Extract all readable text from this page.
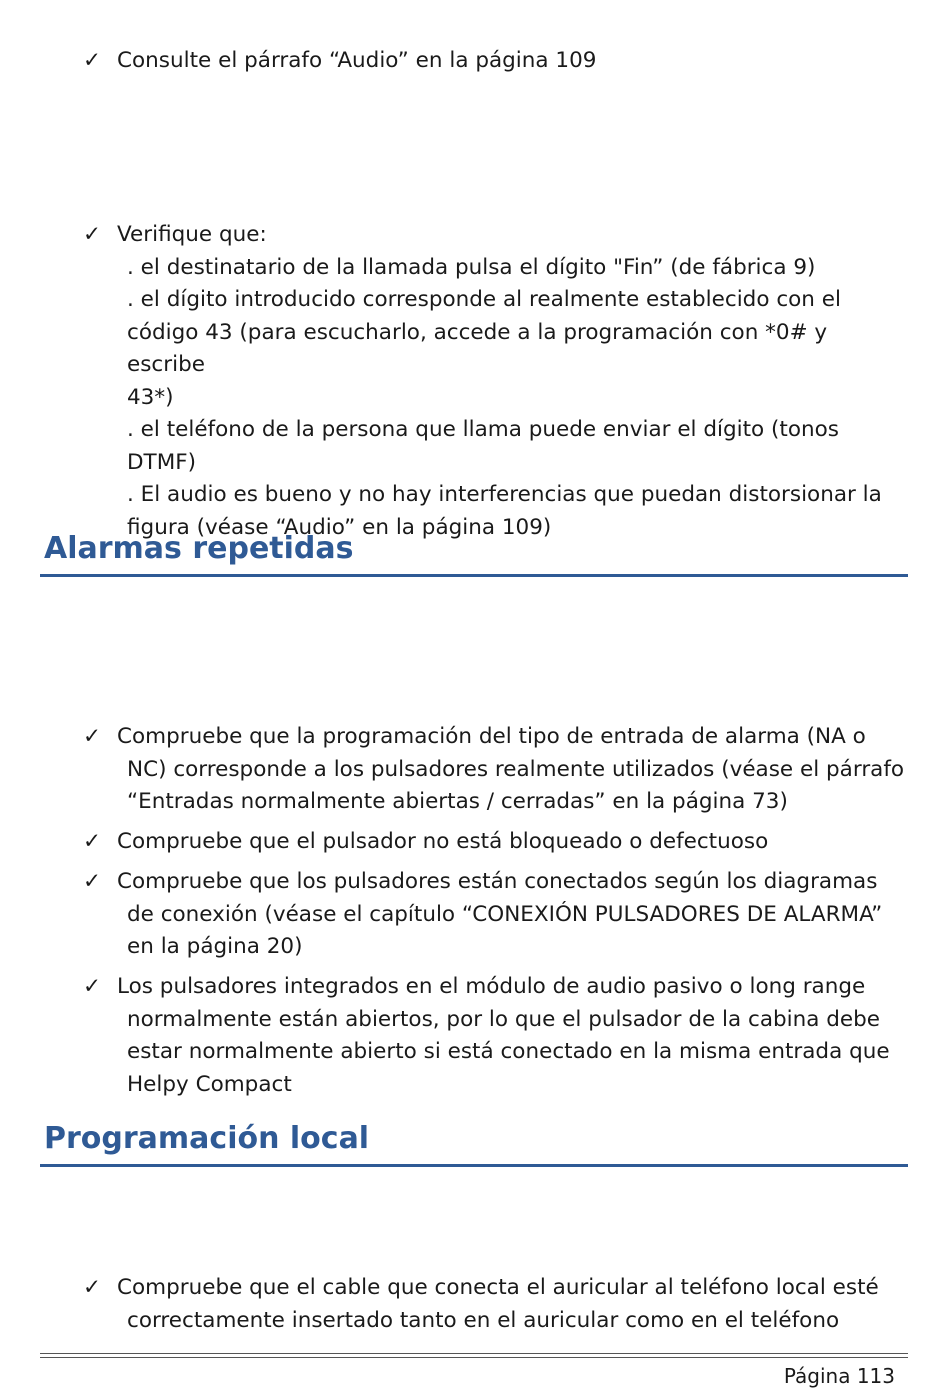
✓ Consulte el párrafo “Audio” en la página 109
✓ Verifique que:
. el destinatario de la llamada pulsa el dígito "Fin” (de fábrica 9)
. el dígito introducido corresponde al realmente establecido con el
código 43 (para escucharlo, accede a la programación con *0# y escribe
43*)
. el teléfono de la persona que llama puede enviar el dígito (tonos
DTMF)
. El audio es bueno y no hay interferencias que puedan distorsionar la
figura (véase “Audio” en la página 109)
Alarmas repetidas
✓ Compruebe que la programación del tipo de entrada de alarma (NA o
NC) corresponde a los pulsadores realmente utilizados (véase el párrafo
“Entradas normalmente abiertas / cerradas” en la página 73)
✓ Compruebe que el pulsador no está bloqueado o defectuoso
✓ Compruebe que los pulsadores están conectados según los diagramas
de conexión (véase el capítulo “CONEXIÓN PULSADORES DE ALARMA”
en la página 20)
✓ Los pulsadores integrados en el módulo de audio pasivo o long range
normalmente están abiertos, por lo que el pulsador de la cabina debe
estar normalmente abierto si está conectado en la misma entrada que
Helpy Compact
Programación local
✓ Compruebe que el cable que conecta el auricular al teléfono local esté
correctamente insertado tanto en el auricular como en el teléfono
Página 113
